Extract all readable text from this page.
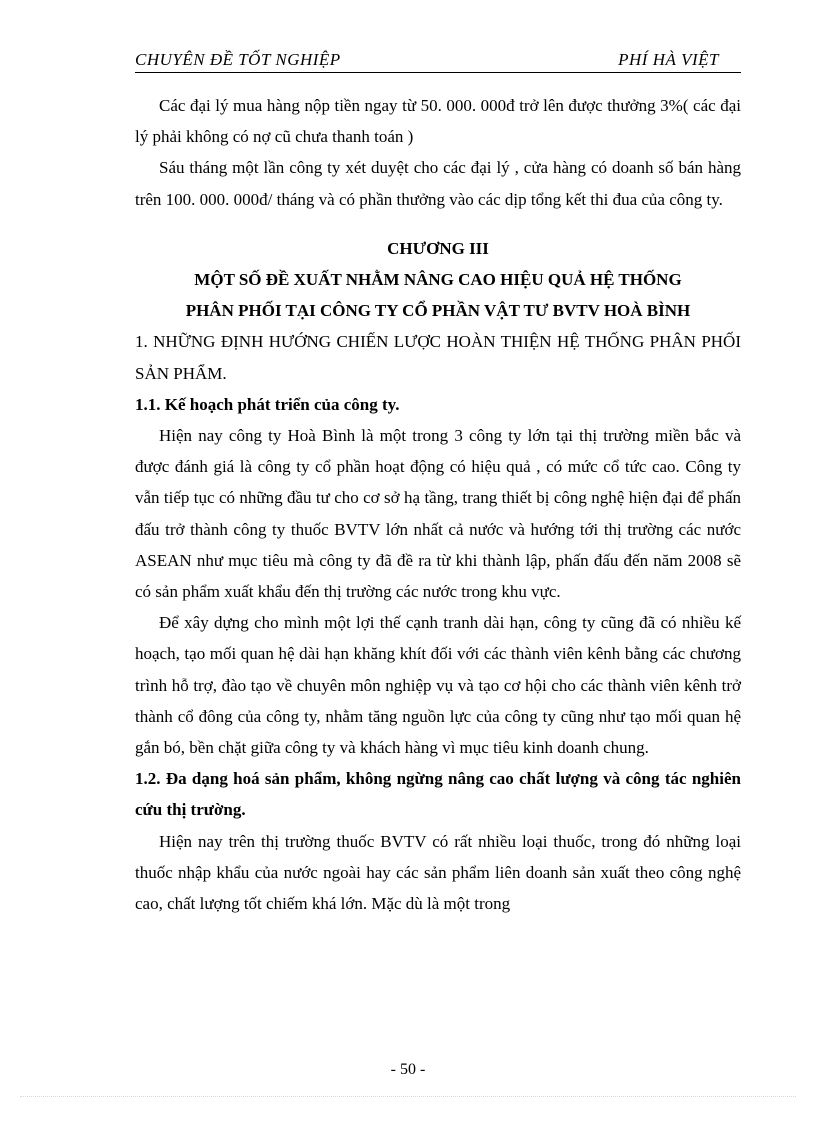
CHUYÊN ĐỀ TỐT NGHIỆP	PHÍ HÀ VIỆT

Các đại lý mua hàng nộp tiền ngay từ 50. 000. 000đ trở lên được thưởng 3%( các đại lý phải không có nợ cũ chưa thanh toán )

Sáu tháng một lần công ty xét duyệt cho các đại lý , cửa hàng có doanh số bán hàng trên 100. 000. 000đ/ tháng và có phần thưởng vào các dịp tổng kết thi đua của công ty.

CHƯƠNG III
MỘT SỐ ĐỀ XUẤT NHẰM NÂNG CAO HIỆU QUẢ HỆ THỐNG
PHÂN PHỐI TẠI CÔNG TY CỔ PHẦN VẬT TƯ BVTV HOÀ BÌNH

1. NHỮNG ĐỊNH HƯỚNG CHIẾN LƯỢC HOÀN THIỆN HỆ THỐNG PHÂN PHỐI SẢN PHẨM.

1.1. Kế hoạch phát triển của công ty.

Hiện nay công ty Hoà Bình là một trong 3 công ty lớn tại thị trường miền bắc và được đánh giá là công ty cổ phần hoạt động có hiệu quả , có mức cổ tức cao. Công ty vẫn tiếp tục có những đầu tư cho cơ sở hạ tầng, trang thiết bị công nghệ hiện đại để phấn đấu trở thành công ty thuốc BVTV lớn nhất cả nước và hướng tới thị trường các nước ASEAN như mục tiêu mà công ty đã đề ra từ khi thành lập, phấn đấu đến năm 2008 sẽ có sản phẩm xuất khẩu đến thị trường các nước trong khu vực.

Để xây dựng cho mình một lợi thế cạnh tranh dài hạn, công ty cũng đã có nhiều kế hoạch, tạo mối quan hệ dài hạn khăng khít đối với các thành viên kênh bằng các chương trình hỗ trợ, đào tạo về chuyên môn nghiệp vụ và tạo cơ hội cho các thành viên kênh trở thành cổ đông của công ty, nhằm tăng nguồn lực của công ty cũng như tạo mối quan hệ gắn bó, bền chặt giữa công ty và khách hàng vì mục tiêu kinh doanh chung.

1.2. Đa dạng hoá sản phẩm, không ngừng nâng cao chất lượng và công tác nghiên cứu thị trường.

Hiện nay trên thị trường thuốc BVTV có rất nhiều loại thuốc, trong đó những loại thuốc nhập khẩu của nước ngoài hay các sản phẩm liên doanh sản xuất theo công nghệ cao, chất lượng tốt chiếm khá lớn. Mặc dù là một trong

- 50 -
